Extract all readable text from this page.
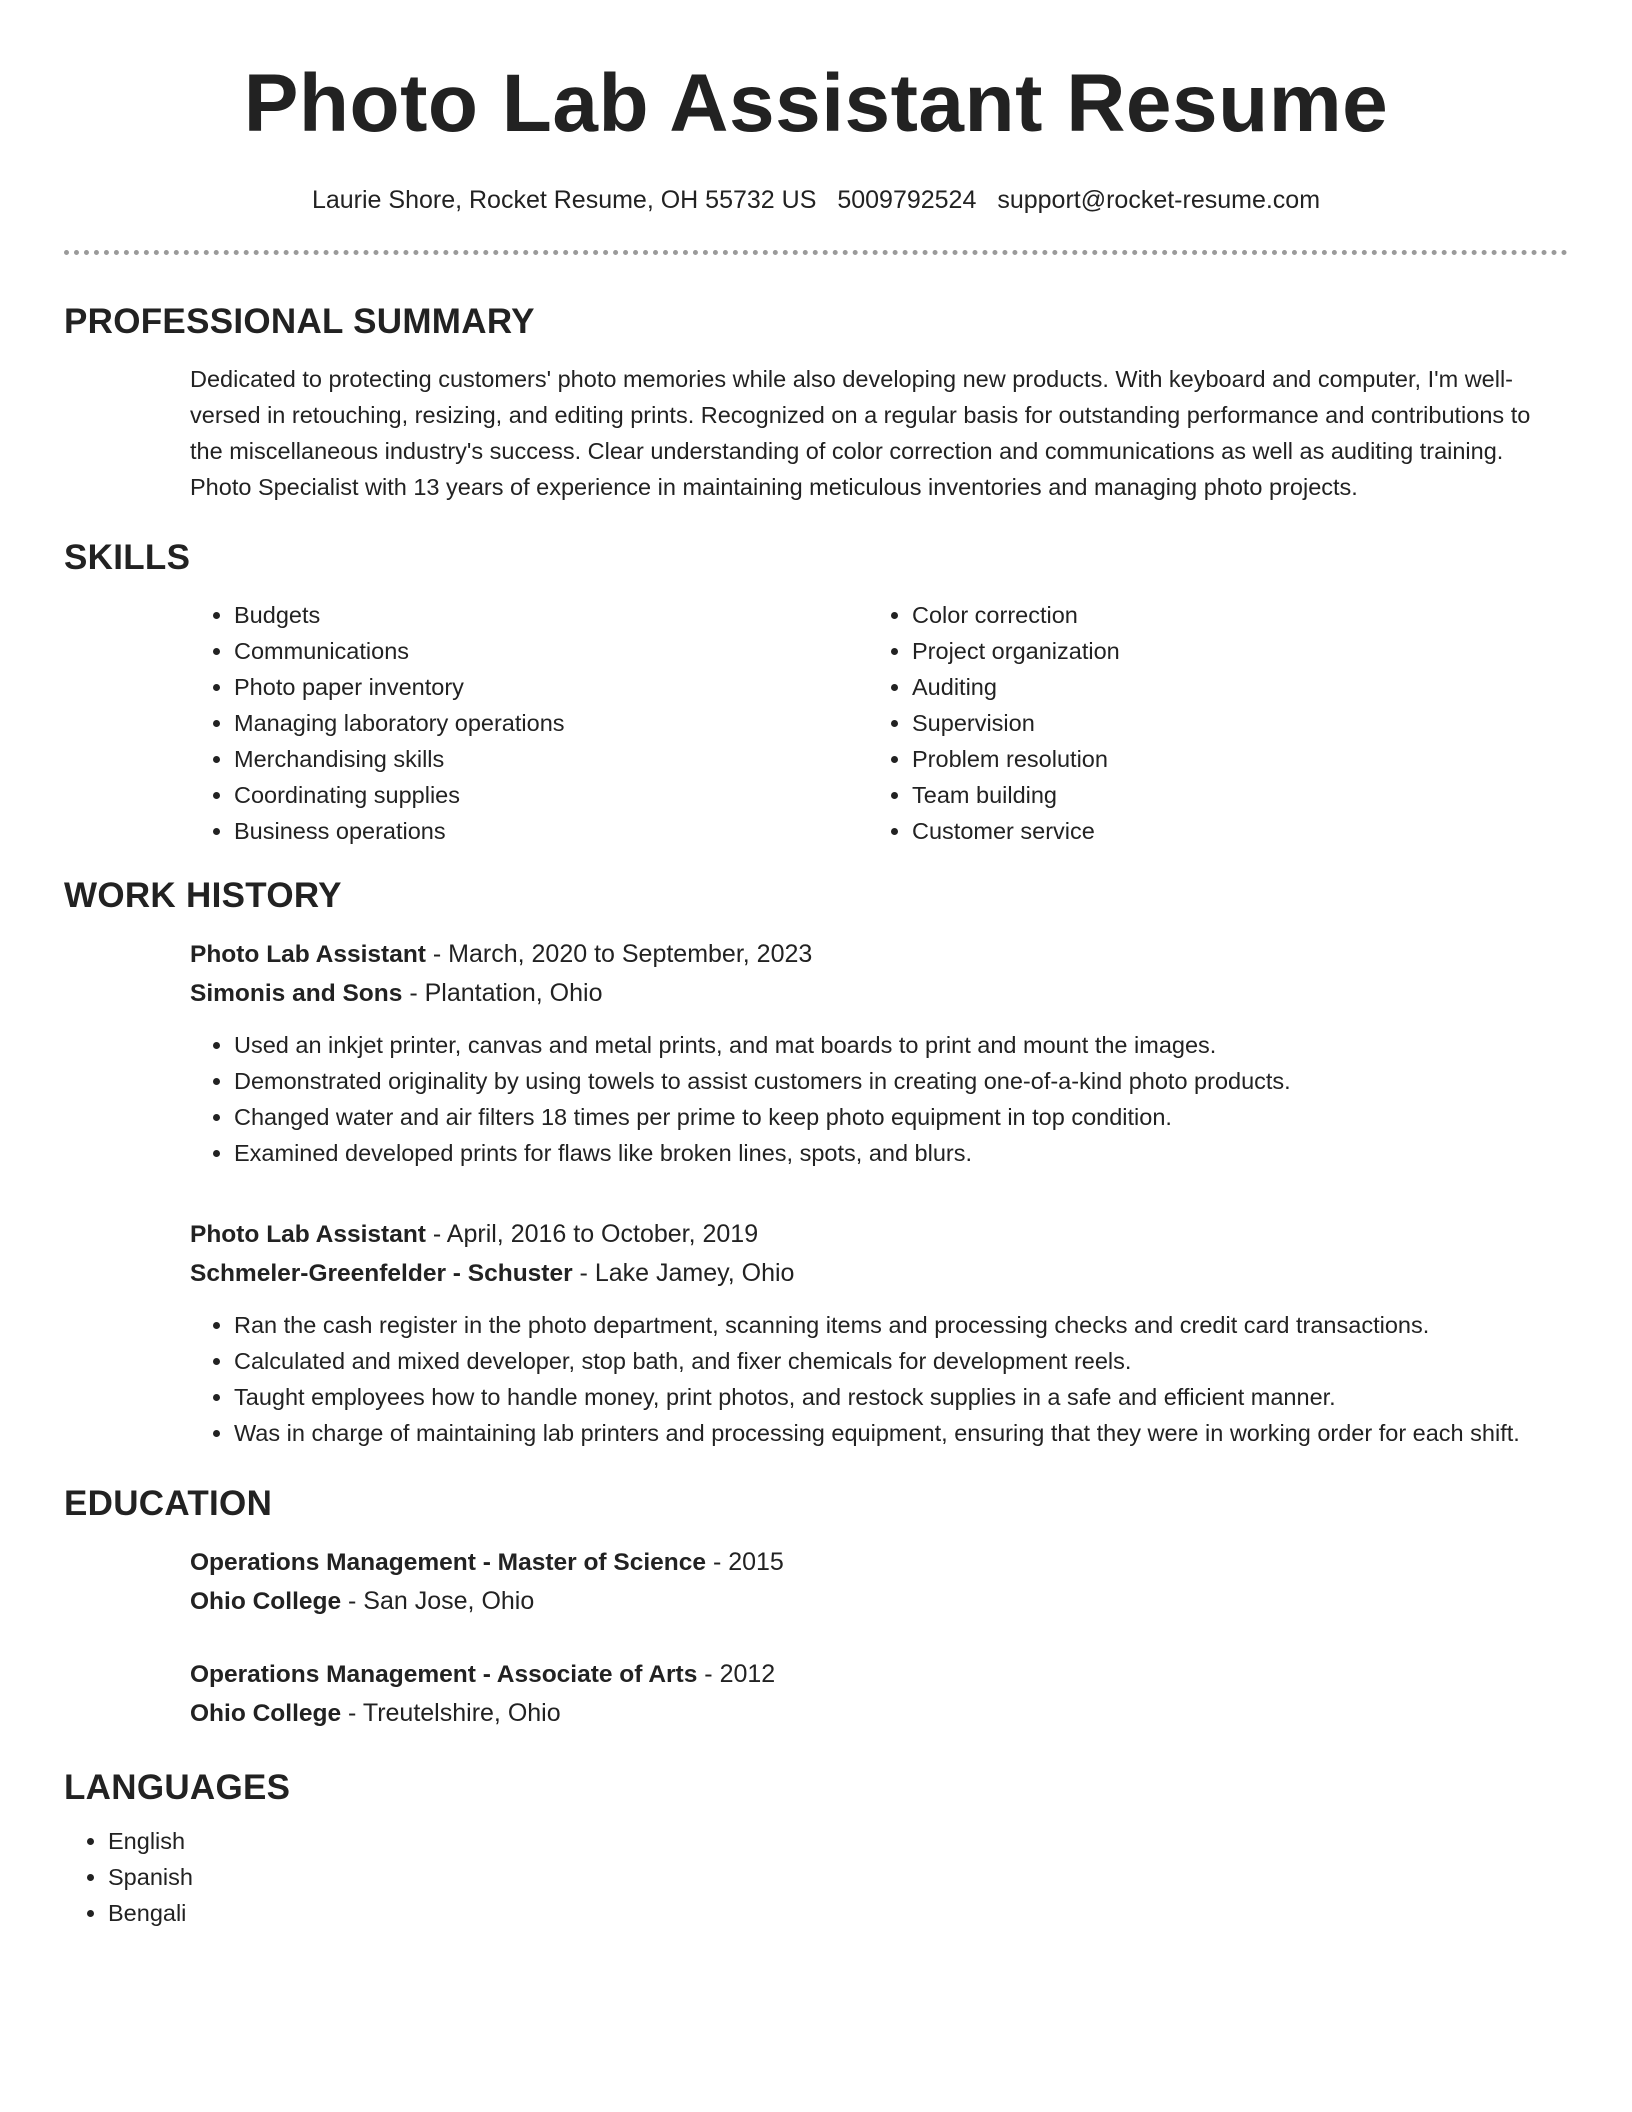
Photo Lab Assistant Resume
Laurie Shore, Rocket Resume, OH 55732 US 5009792524 support@rocket-resume.com
PROFESSIONAL SUMMARY
Dedicated to protecting customers' photo memories while also developing new products. With keyboard and computer, I'm well-versed in retouching, resizing, and editing prints. Recognized on a regular basis for outstanding performance and contributions to the miscellaneous industry's success. Clear understanding of color correction and communications as well as auditing training. Photo Specialist with 13 years of experience in maintaining meticulous inventories and managing photo projects.
SKILLS
• Budgets
• Communications
• Photo paper inventory
• Managing laboratory operations
• Merchandising skills
• Coordinating supplies
• Business operations
• Color correction
• Project organization
• Auditing
• Supervision
• Problem resolution
• Team building
• Customer service
WORK HISTORY
Photo Lab Assistant - March, 2020 to September, 2023
Simonis and Sons - Plantation, Ohio
• Used an inkjet printer, canvas and metal prints, and mat boards to print and mount the images.
• Demonstrated originality by using towels to assist customers in creating one-of-a-kind photo products.
• Changed water and air filters 18 times per prime to keep photo equipment in top condition.
• Examined developed prints for flaws like broken lines, spots, and blurs.
Photo Lab Assistant - April, 2016 to October, 2019
Schmeler-Greenfelder - Schuster - Lake Jamey, Ohio
• Ran the cash register in the photo department, scanning items and processing checks and credit card transactions.
• Calculated and mixed developer, stop bath, and fixer chemicals for development reels.
• Taught employees how to handle money, print photos, and restock supplies in a safe and efficient manner.
• Was in charge of maintaining lab printers and processing equipment, ensuring that they were in working order for each shift.
EDUCATION
Operations Management - Master of Science - 2015
Ohio College - San Jose, Ohio
Operations Management - Associate of Arts - 2012
Ohio College - Treutelshire, Ohio
LANGUAGES
• English
• Spanish
• Bengali
